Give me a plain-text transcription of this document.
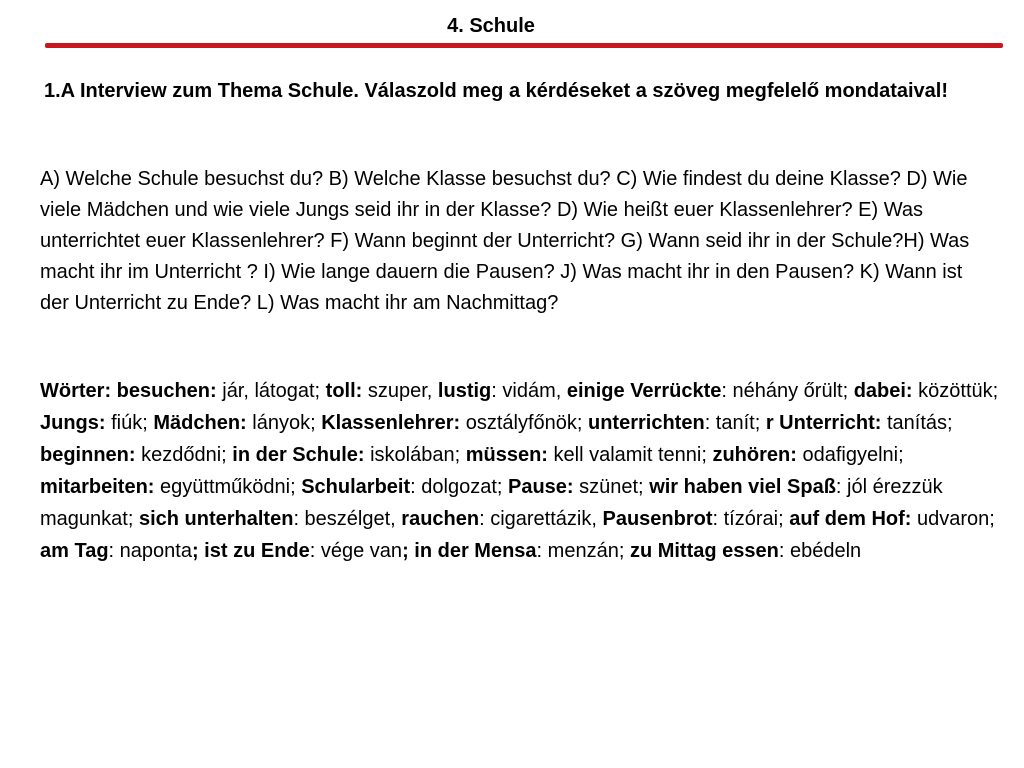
4. Schule
1.A Interview zum Thema Schule. Válaszold meg a kérdéseket a szöveg megfelelő mondataival!
A) Welche Schule besuchst du? B) Welche Klasse besuchst du? C) Wie findest du deine Klasse? D) Wie viele Mädchen und wie viele Jungs seid ihr in der Klasse? D) Wie heißt euer Klassenlehrer? E) Was unterrichtet euer Klassenlehrer? F) Wann beginnt der Unterricht? G) Wann seid ihr in der Schule?H) Was macht ihr im Unterricht ? I) Wie lange dauern die Pausen? J) Was macht ihr in den Pausen? K) Wann ist der Unterricht zu Ende? L) Was macht ihr am Nachmittag?
Wörter: besuchen: jár, látogat; toll: szuper, lustig: vidám, einige Verrückte: néhány őrült; dabei: közöttük; Jungs: fiúk; Mädchen: lányok; Klassenlehrer: osztályfőnök; unterrichten: tanít; r Unterricht: tanítás; beginnen: kezdődni; in der Schule: iskolában; müssen: kell valamit tenni; zuhören: odafigyelni; mitarbeiten: együttműködni; Schularbeit: dolgozat; Pause: szünet; wir haben viel Spaß: jól érezzük magunkat; sich unterhalten: beszélget, rauchen: cigarettázik, Pausenbrot: tízórai; auf dem Hof: udvaron; am Tag: naponta; ist zu Ende: vége van; in der Mensa: menzán; zu Mittag essen: ebédeln
